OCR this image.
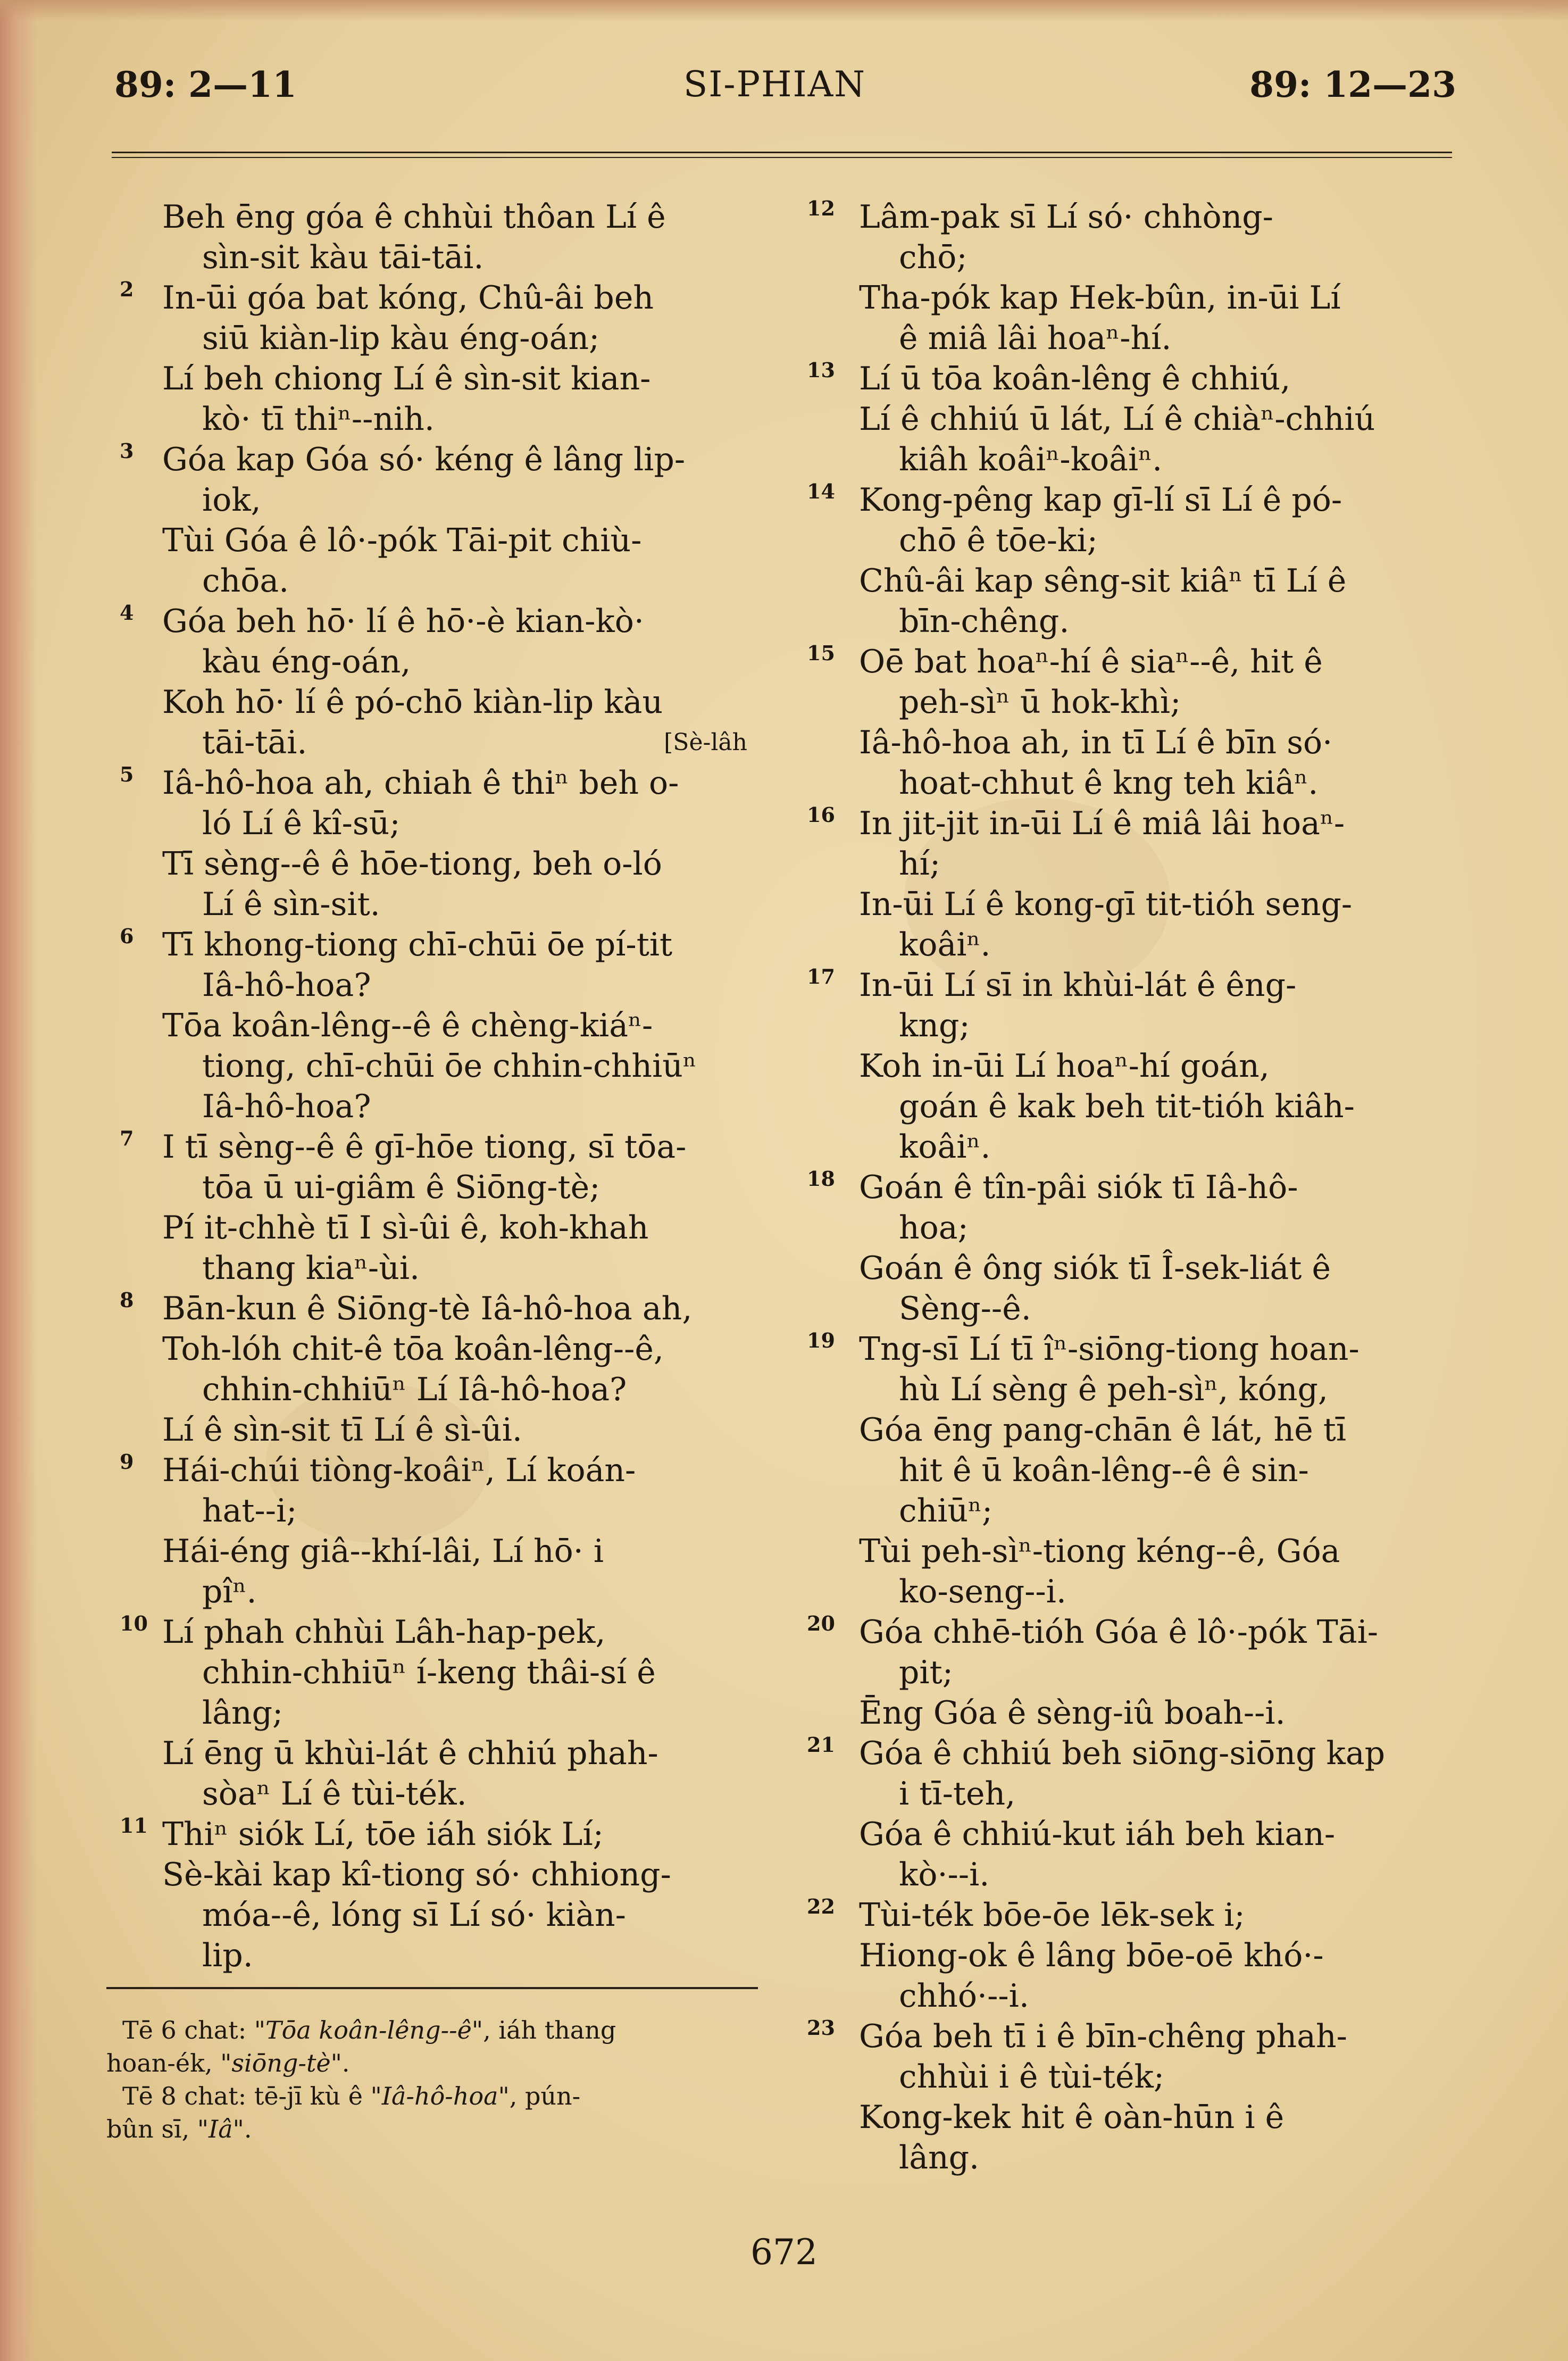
89: 2—11	SI-PHIAN	89: 12—23
Beh ēng góa ê chhùi thôan Lí ê
sìn-sit kàu tāi-tāi.
2 In-ūi góa bat kóng, Chû-âi beh
siū kiàn-lip kàu éng-oán;
Lí beh chiong Lí ê sìn-sit kian-
kò· tī thiⁿ--nih.
3 Góa kap Góa só· kéng ê lâng lip-
iok,
Tùi Góa ê lô·-pók Tāi-pit chiù-
chōa.
4 Góa beh hō· lí ê hō·-è kian-kò·
kàu éng-oán,
Koh hō· lí ê pó-chō kiàn-lip kàu
tāi-tāi.	[Sè-lâh
5 Iâ-hô-hoa ah, chiah ê thiⁿ beh o-
ló Lí ê kî-sū;
Tī sèng--ê ê hōe-tiong, beh o-ló
Lí ê sìn-sit.
6 Tī khong-tiong chī-chūi ōe pí-tit
Iâ-hô-hoa?
Tōa koân-lêng--ê ê chèng-kiáⁿ-
tiong, chī-chūi ōe chhin-chhiūⁿ
Iâ-hô-hoa?
7 I tī sèng--ê ê gī-hōe tiong, sī tōa-
tōa ū ui-giâm ê Siōng-tè;
Pí it-chhè tī I sì-ûi ê, koh-khah
thang kiaⁿ-ùi.
8 Bān-kun ê Siōng-tè Iâ-hô-hoa ah,
Toh-lóh chit-ê tōa koân-lêng--ê,
chhin-chhiūⁿ Lí Iâ-hô-hoa?
Lí ê sìn-sit tī Lí ê sì-ûi.
9 Hái-chúi tiòng-koâiⁿ, Lí koán-
hat--i;
Hái-éng giâ--khí-lâi, Lí hō· i
pîⁿ.
10 Lí phah chhùi Lâh-hap-pek,
chhin-chhiūⁿ í-keng thâi-sí ê
lâng;
Lí ēng ū khùi-lát ê chhiú phah-
sòaⁿ Lí ê tùi-ték.
11 Thiⁿ siók Lí, tōe iáh siók Lí;
Sè-kài kap kî-tiong só· chhiong-
móa--ê, lóng sī Lí só· kiàn-
lip.
12 Lâm-pak sī Lí só· chhòng-
chō;
Tha-pók kap Hek-bûn, in-ūi Lí
ê miâ lâi hoaⁿ-hí.
13 Lí ū tōa koân-lêng ê chhiú,
Lí ê chhiú ū lát, Lí ê chiàⁿ-chhiú
kiâh koâiⁿ-koâiⁿ.
14 Kong-pêng kap gī-lí sī Lí ê pó-
chō ê tōe-ki;
Chû-âi kap sêng-sit kiâⁿ tī Lí ê
bīn-chêng.
15 Oē bat hoaⁿ-hí ê siaⁿ--ê, hit ê
peh-sìⁿ ū hok-khì;
Iâ-hô-hoa ah, in tī Lí ê bīn só·
hoat-chhut ê kng teh kiâⁿ.
16 In jit-jit in-ūi Lí ê miâ lâi hoaⁿ-
hí;
In-ūi Lí ê kong-gī tit-tióh seng-
koâiⁿ.
17 In-ūi Lí sī in khùi-lát ê êng-
kng;
Koh in-ūi Lí hoaⁿ-hí goán,
goán ê kak beh tit-tióh kiâh-
koâiⁿ.
18 Goán ê tîn-pâi siók tī Iâ-hô-
hoa;
Goán ê ông siók tī Î-sek-liát ê
Sèng--ê.
19 Tng-sī Lí tī îⁿ-siōng-tiong hoan-
hù Lí sèng ê peh-sìⁿ, kóng,
Góa ēng pang-chān ê lát, hē tī
hit ê ū koân-lêng--ê ê sin-
chiūⁿ;
Tùi peh-sìⁿ-tiong kéng--ê, Góa
ko-seng--i.
20 Góa chhē-tióh Góa ê lô·-pók Tāi-
pit;
Ēng Góa ê sèng-iû boah--i.
21 Góa ê chhiú beh siōng-siōng kap
i tī-teh,
Góa ê chhiú-kut iáh beh kian-
kò·--i.
22 Tùi-ték bōe-ōe lēk-sek i;
Hiong-ok ê lâng bōe-oē khó·-
chhó·--i.
23 Góa beh tī i ê bīn-chêng phah-
chhùi i ê tùi-ték;
Kong-kek hit ê oàn-hūn i ê
lâng.
Tē 6 chat: "Tōa koân-lêng--ê", iáh thang
hoan-ék, "siōng-tè".
Tē 8 chat: tē-jī kù ê "Iâ-hô-hoa", pún-
bûn sī, "Iâ".
672
